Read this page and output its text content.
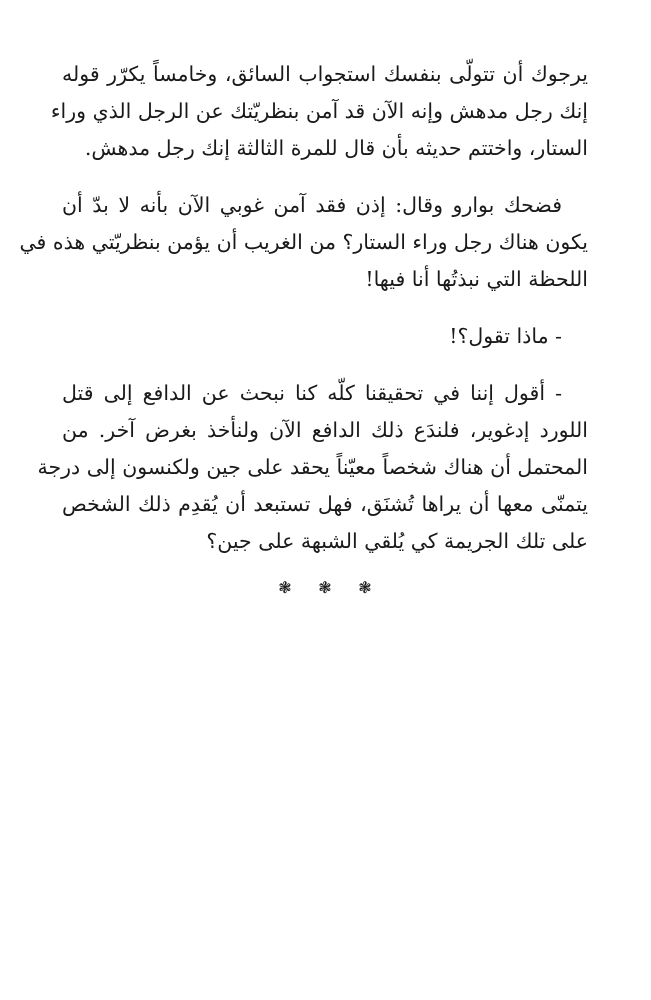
يرجوك أن تتولّى بنفسك استجواب السائق، وخامساً يكرّر قوله
إنك رجل مدهش وإنه الآن قد آمن بنظريّتك عن الرجل الذي وراء
الستار، واختتم حديثه بأن قال للمرة الثالثة إنك رجل مدهش.
فضحك بوارو وقال: إذن فقد آمن غوبي الآن بأنه لا بدّ أن
يكون هناك رجل وراء الستار؟ من الغريب أن يؤمن بنظريّتي هذه في
اللحظة التي نبذتُها أنا فيها!
- ماذا تقول؟!
- أقول إننا في تحقيقنا كلّه كنا نبحث عن الدافع إلى قتل
اللورد إدغوير، فلندَع ذلك الدافع الآن ولنأخذ بغرض آخر. من
المحتمل أن هناك شخصاً معيّناً يحقد على جين ولكنسون إلى درجة
يتمنّى معها أن يراها تُشنَق، فهل تستبعد أن يُقدِم ذلك الشخص
على تلك الجريمة كي يُلقي الشبهة على جين؟
❃ ❃ ❃
